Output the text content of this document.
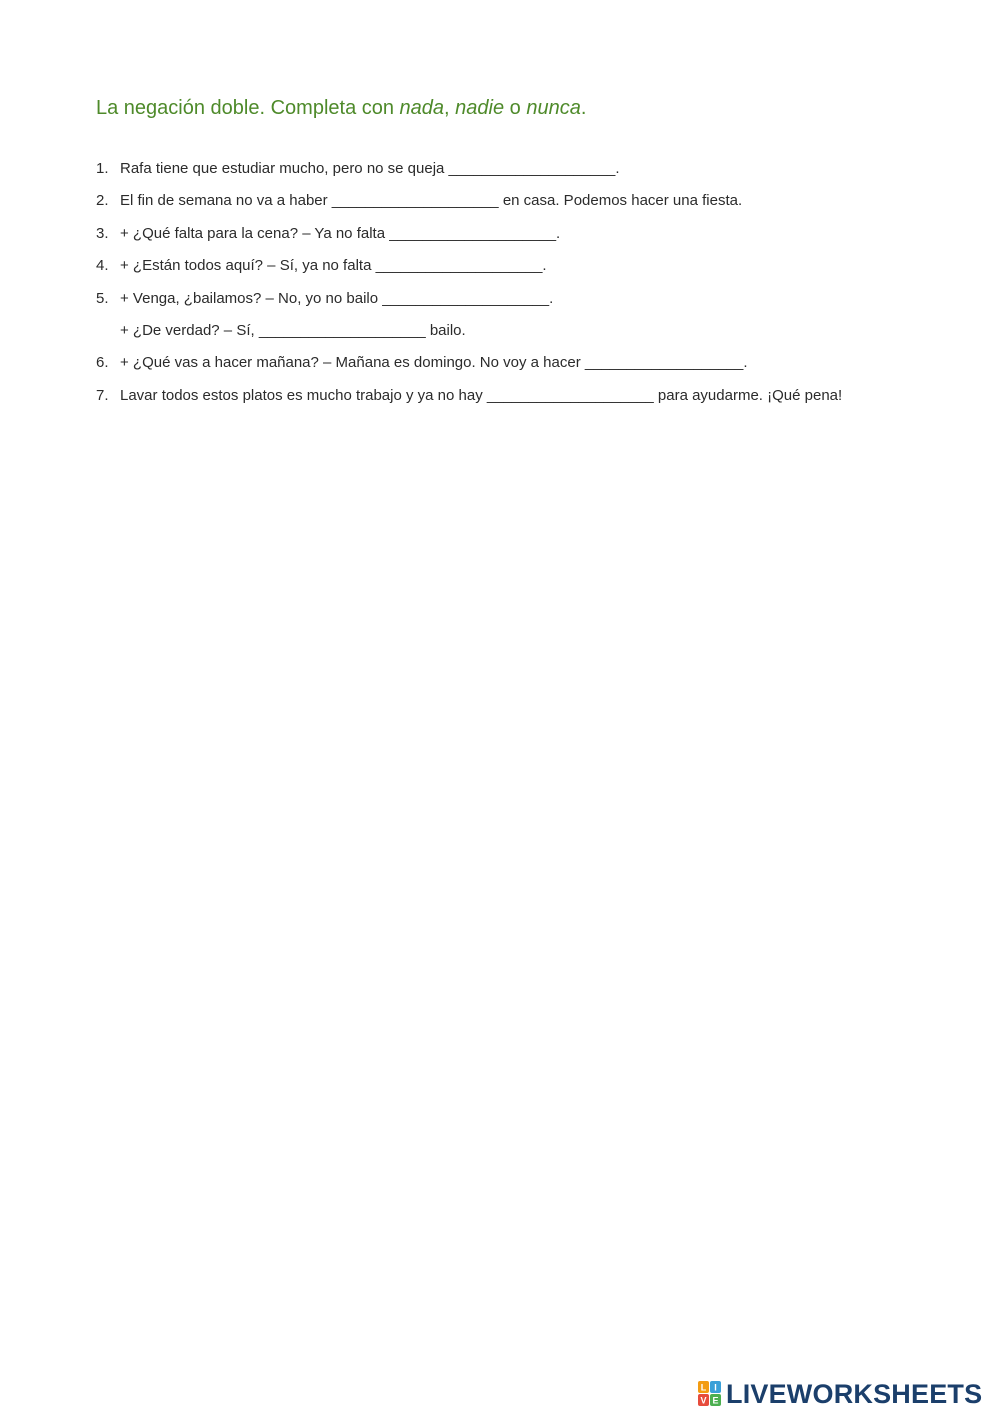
La negación doble. Completa con nada, nadie o nunca.
1. Rafa tiene que estudiar mucho, pero no se queja ____________________.
2. El fin de semana no va a haber ____________________ en casa. Podemos hacer una fiesta.
3. + ¿Qué falta para la cena? – Ya no falta ____________________.
4. + ¿Están todos aquí? – Sí, ya no falta ____________________.
5. + Venga, ¿bailamos? – No, yo no bailo ____________________.
+ ¿De verdad? – Sí, ____________________ bailo.
6. + ¿Qué vas a hacer mañana? – Mañana es domingo. No voy a hacer ___________________.
7. Lavar todos estos platos es mucho trabajo y ya no hay ____________________ para ayudarme. ¡Qué pena!
L I
V E LIVEWORKSHEETS
